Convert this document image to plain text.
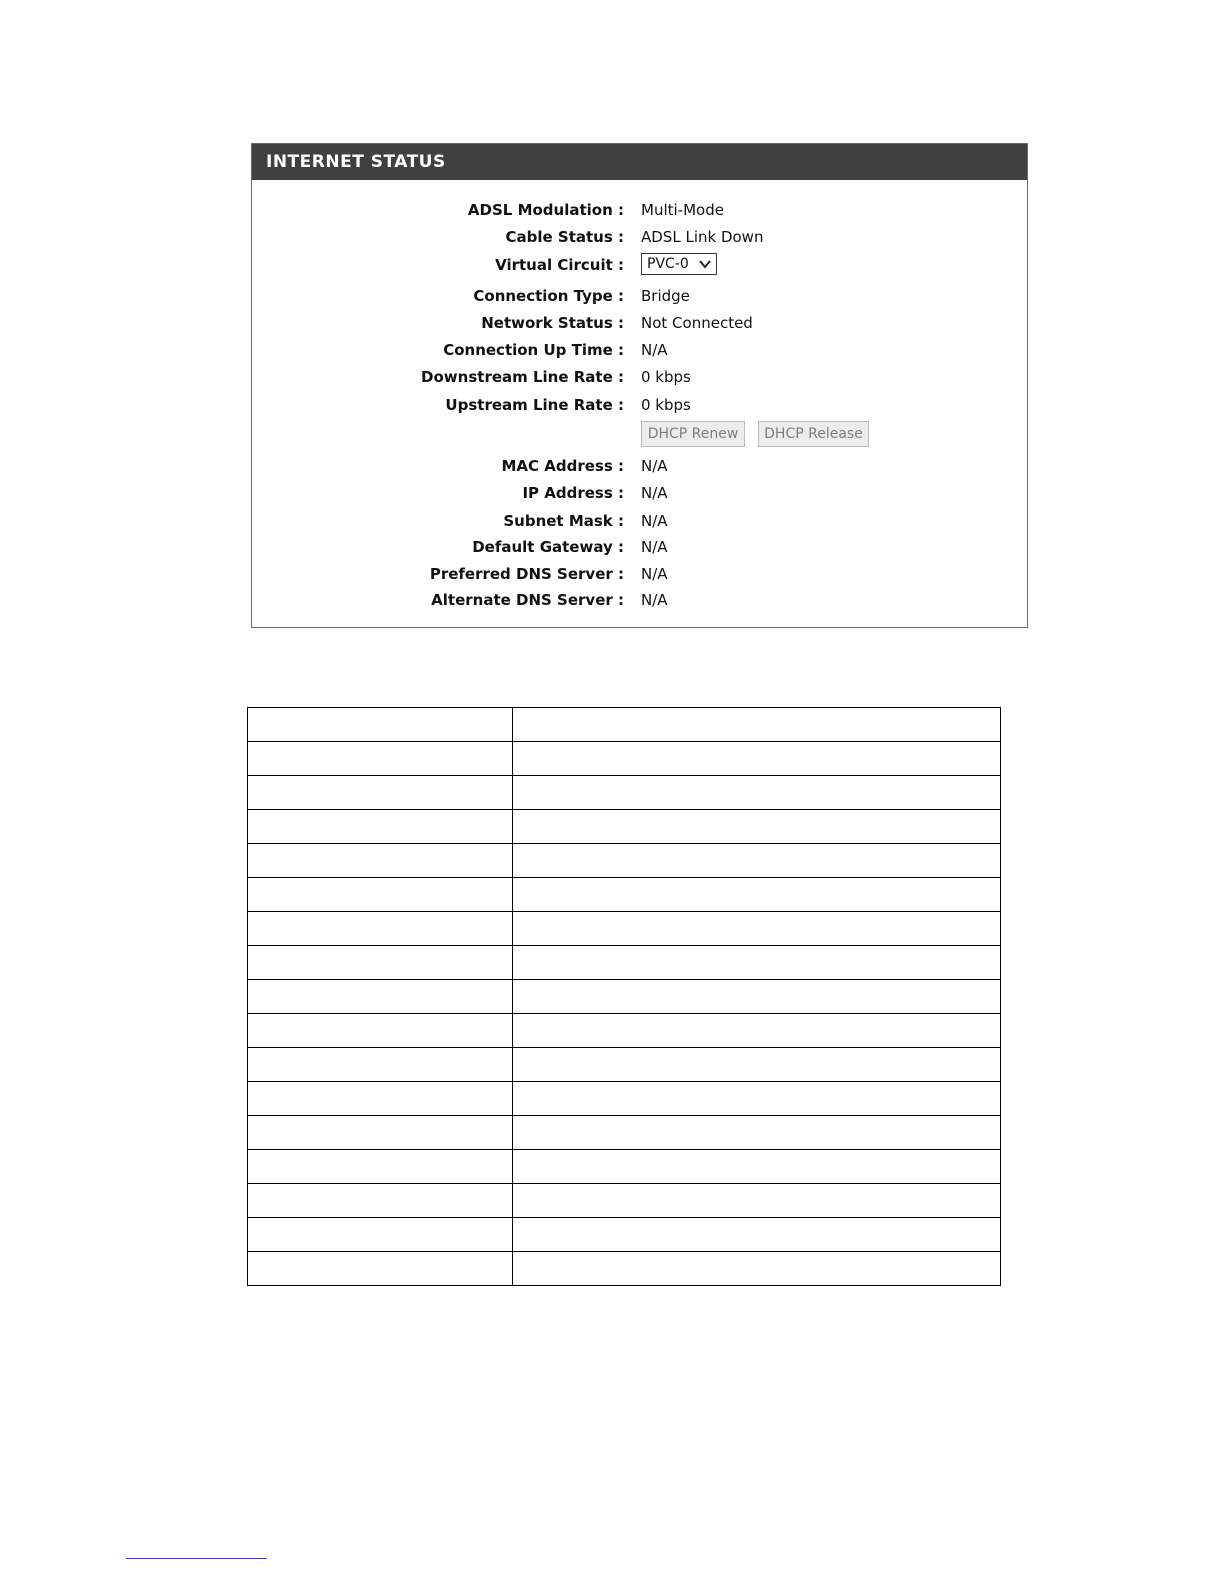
INTERNET STATUS
ADSL Modulation : Multi-Mode
Cable Status : ADSL Link Down
Virtual Circuit :	PVC-0
Connection Type : Bridge
Network Status : Not Connected
Connection Up Time : N/A
Downstream Line Rate : 0 kbps
Upstream Line Rate : 0 kbps
DHCP Renew	DHCP Release
MAC Address : N/A
IP Address : N/A
Subnet Mask : N/A
Default Gateway : N/A
Preferred DNS Server : N/A
Alternate DNS Server : N/A
